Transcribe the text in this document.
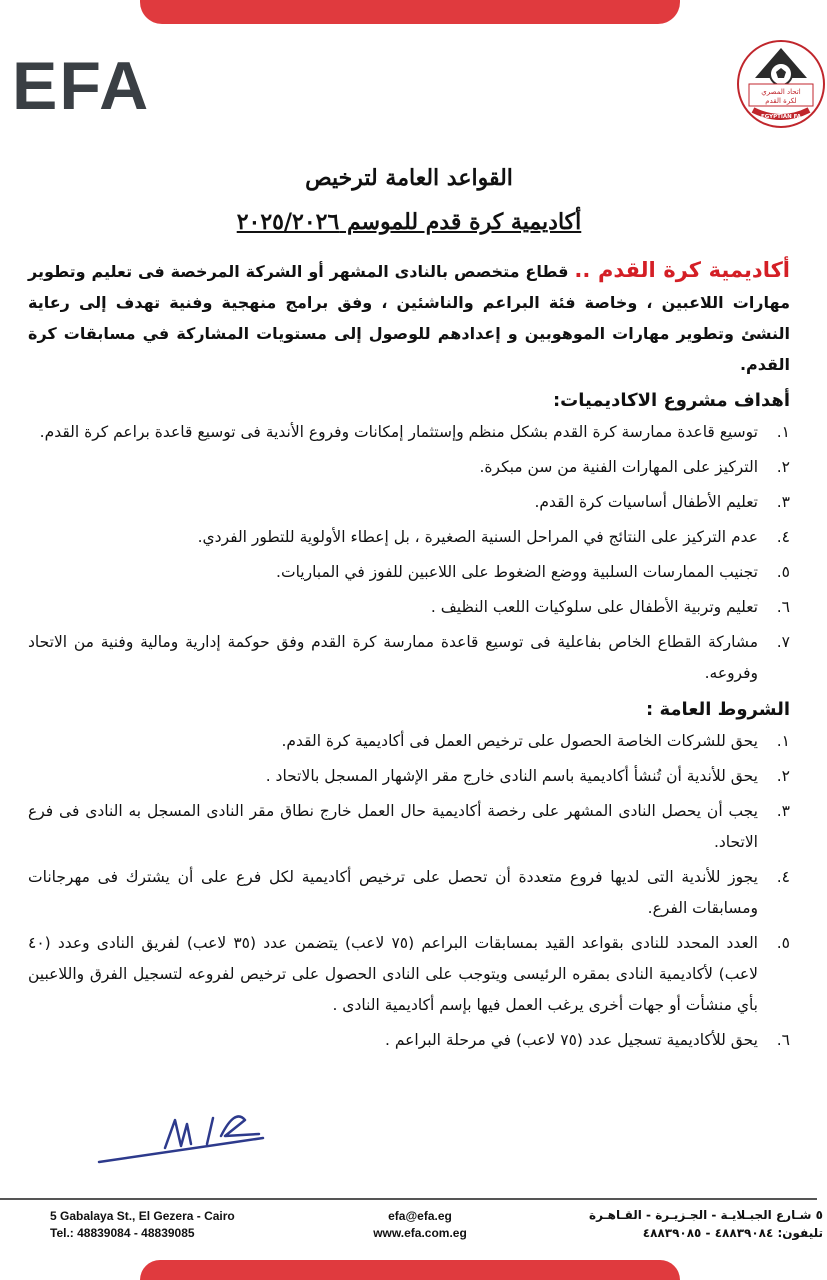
EFA	اتحاد المصري
لكرة القدم
EGYPTIAN FA
القواعد العامة لترخيص
أكاديمية كرة قدم للموسم ٢٠٢٥/٢٠٢٦

أكاديمية كرة القدم .. قطاع متخصص بالنادى المشهر أو الشركة المرخصة فى تعليم وتطوير مهارات اللاعبين ، وخاصة فئة البراعم والناشئين ، وفق برامج منهجية وفنية تهدف إلى رعاية النشئ وتطوير مهارات الموهوبين و إعدادهم للوصول إلى مستويات المشاركة في مسابقات كرة القدم.

أهداف مشروع الاكاديميات:
١.
توسيع قاعدة ممارسة كرة القدم بشكل منظم وإستثمار إمكانات وفروع الأندية فى توسيع قاعدة براعم كرة القدم.
٢.
التركيز على المهارات الفنية من سن مبكرة.
٣.
تعليم الأطفال أساسيات كرة القدم.
٤.
عدم التركيز على النتائج في المراحل السنية الصغيرة ، بل إعطاء الأولوية للتطور الفردي.
٥.
تجنيب الممارسات السلبية ووضع الضغوط على اللاعبين للفوز في المباريات.
٦.
تعليم وتربية الأطفال على سلوكيات اللعب النظيف .
٧.
مشاركة القطاع الخاص بفاعلية فى توسيع قاعدة ممارسة كرة القدم وفق حوكمة إدارية ومالية وفنية من الاتحاد وفروعه.
الشروط العامة :
١.
يحق للشركات الخاصة الحصول على ترخيص العمل فى أكاديمية كرة القدم.
٢.
يحق للأندية أن تُنشأ أكاديمية باسم النادى خارج مقر الإشهار المسجل بالاتحاد .
٣.
يجب أن يحصل النادى المشهر على رخصة أكاديمية حال العمل خارج نطاق مقر النادى المسجل به النادى فى فرع الاتحاد.
٤.
يجوز للأندية التى لديها فروع متعددة أن تحصل على ترخيص أكاديمية لكل فرع على أن يشترك فى مهرجانات ومسابقات الفرع.
٥.
العدد المحدد للنادى بقواعد القيد بمسابقات البراعم (٧٥ لاعب) يتضمن عدد (٣٥ لاعب) لفريق النادى وعدد (٤٠ لاعب) لأكاديمية النادى بمقره الرئيسى ويتوجب على النادى الحصول على ترخيص لفروعه لتسجيل الفرق واللاعبين بأي منشأت أو جهات أخرى يرغب العمل فيها بإسم أكاديمية النادى .
٦.
يحق للأكاديمية تسجيل عدد (٧٥ لاعب) في مرحلة البراعم .
5 Gabalaya St., El Gezera - Cairo
Tel.: 48839084 - 48839085
efa@efa.eg
www.efa.com.eg
٥ شـارع الجبـلايـة - الجـزيـرة - القـاهـرة
تليفون: ٤٨٨٣٩٠٨٤ - ٤٨٨٣٩٠٨٥
